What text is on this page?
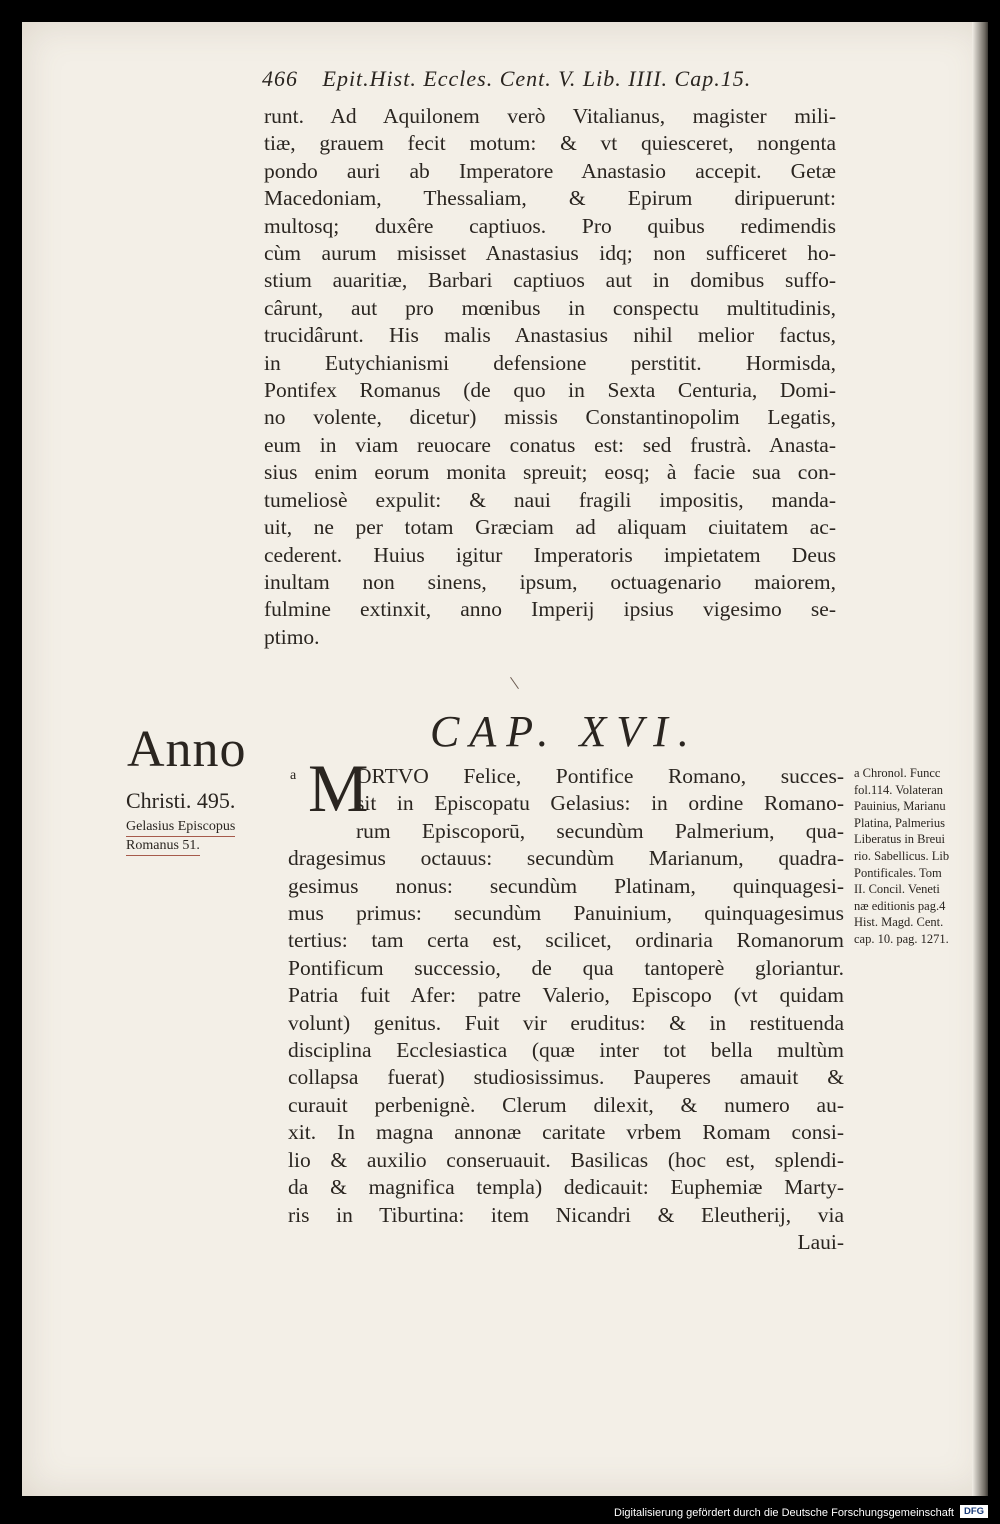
466 Epit.Hist. Eccles. Cent. V. Lib. IIII. Cap.15.
runt. Ad Aquilonem verò Vitalianus, magister mili-
tiæ, grauem fecit motum: & vt quiesceret, nongenta
pondo auri ab Imperatore Anastasio accepit. Getæ
Macedoniam, Thessaliam, & Epirum diripuerunt:
multosq; duxêre captiuos. Pro quibus redimendis
cùm aurum misisset Anastasius idq; non sufficeret ho-
stium auaritiæ, Barbari captiuos aut in domibus suffo-
cârunt, aut pro mœnibus in conspectu multitudinis,
trucidârunt. His malis Anastasius nihil melior factus,
in Eutychianismi defensione perstitit. Hormisda,
Pontifex Romanus (de quo in Sexta Centuria, Domi-
no volente, dicetur) missis Constantinopolim Legatis,
eum in viam reuocare conatus est: sed frustrà. Anasta-
sius enim eorum monita spreuit; eosq; à facie sua con-
tumeliosè expulit: & naui fragili impositis, manda-
uit, ne per totam Græciam ad aliquam ciuitatem ac-
cederent. Huius igitur Imperatoris impietatem Deus
inultam non sinens, ipsum, octuagenario maiorem,
fulmine extinxit, anno Imperij ipsius vigesimo se-
ptimo.
CAP. XVI.
Anno
Christi. 495.
Gelasius Episcopus
Romanus 51.
a M
ORTVO Felice, Pontifice Romano, succes-
sit in Episcopatu Gelasius: in ordine Romano-
rum Episcoporū, secundùm Palmerium, qua-
dragesimus octauus: secundùm Marianum, quadra-
gesimus nonus: secundùm Platinam, quinquagesi-
mus primus: secundùm Panuinium, quinquagesimus
tertius: tam certa est, scilicet, ordinaria Romanorum
Pontificum successio, de qua tantoperè gloriantur.
Patria fuit Afer: patre Valerio, Episcopo (vt quidam
volunt) genitus. Fuit vir eruditus: & in restituenda
disciplina Ecclesiastica (quæ inter tot bella multùm
collapsa fuerat) studiosissimus. Pauperes amauit &
curauit perbenignè. Clerum dilexit, & numero au-
xit. In magna annonæ caritate vrbem Romam consi-
lio & auxilio conseruauit. Basilicas (hoc est, splendi-
da & magnifica templa) dedicauit: Euphemiæ Marty-
ris in Tiburtina: item Nicandri & Eleutherij, via
Laui-
a Chronol. Funcc
fol.114. Volateran
Pauinius, Marianu
Platina, Palmerius
Liberatus in Breui
rio. Sabellicus. Lib
Pontificales. Tom
II. Concil. Veneti
næ editionis pag.4
Hist. Magd. Cent.
cap. 10. pag. 1271.
Digitalisierung gefördert durch die Deutsche Forschungsgemeinschaft	DFG
